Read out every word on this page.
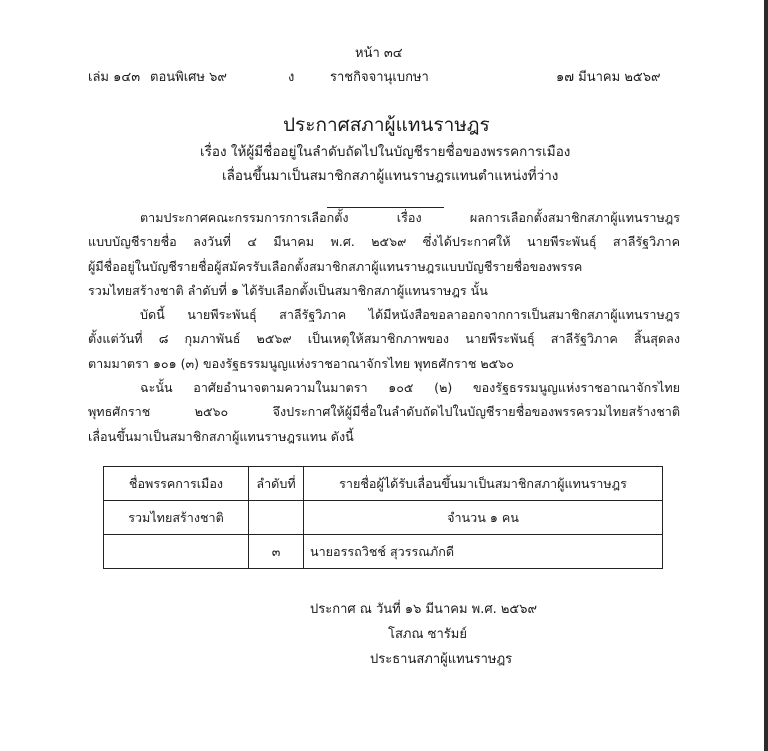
หน้า ๓๔
เล่ม ๑๔๓ ตอนพิเศษ ๖๙	ง	ราชกิจจานุเบกษา	๑๗ มีนาคม ๒๕๖๙
ประกาศสภาผู้แทนราษฎร
เรื่อง ให้ผู้มีชื่ออยู่ในลำดับถัดไปในบัญชีรายชื่อของพรรคการเมือง
เลื่อนขึ้นมาเป็นสมาชิกสภาผู้แทนราษฎรแทนตำแหน่งที่ว่าง
ตามประกาศคณะกรรมการการเลือกตั้ง เรื่อง ผลการเลือกตั้งสมาชิกสภาผู้แทนราษฎร
แบบบัญชีรายชื่อ ลงวันที่ ๔ มีนาคม พ.ศ. ๒๕๖๙ ซึ่งได้ประกาศให้ นายพีระพันธุ์ สาลีรัฐวิภาค
ผู้มีชื่ออยู่ในบัญชีรายชื่อผู้สมัครรับเลือกตั้งสมาชิกสภาผู้แทนราษฎรแบบบัญชีรายชื่อของพรรค
รวมไทยสร้างชาติ ลำดับที่ ๑ ได้รับเลือกตั้งเป็นสมาชิกสภาผู้แทนราษฎร นั้น
บัดนี้ นายพีระพันธุ์ สาลีรัฐวิภาค ได้มีหนังสือขอลาออกจากการเป็นสมาชิกสภาผู้แทนราษฎร
ตั้งแต่วันที่ ๘ กุมภาพันธ์ ๒๕๖๙ เป็นเหตุให้สมาชิกภาพของ นายพีระพันธุ์ สาลีรัฐวิภาค สิ้นสุดลง
ตามมาตรา ๑๐๑ (๓) ของรัฐธรรมนูญแห่งราชอาณาจักรไทย พุทธศักราช ๒๕๖๐
ฉะนั้น อาศัยอำนาจตามความในมาตรา ๑๐๕ (๒) ของรัฐธรรมนูญแห่งราชอาณาจักรไทย
พุทธศักราช ๒๕๖๐ จึงประกาศให้ผู้มีชื่อในลำดับถัดไปในบัญชีรายชื่อของพรรครวมไทยสร้างชาติ
เลื่อนขึ้นมาเป็นสมาชิกสภาผู้แทนราษฎรแทน ดังนี้
ชื่อพรรคการเมือง	ลำดับที่	รายชื่อผู้ได้รับเลื่อนขึ้นมาเป็นสมาชิกสภาผู้แทนราษฎร
รวมไทยสร้างชาติ		จำนวน ๑ คน
	๓	นายอรรถวิชช์ สุวรรณภักดี
ประกาศ ณ วันที่ ๑๖ มีนาคม พ.ศ. ๒๕๖๙
โสภณ ซารัมย์
ประธานสภาผู้แทนราษฎร
